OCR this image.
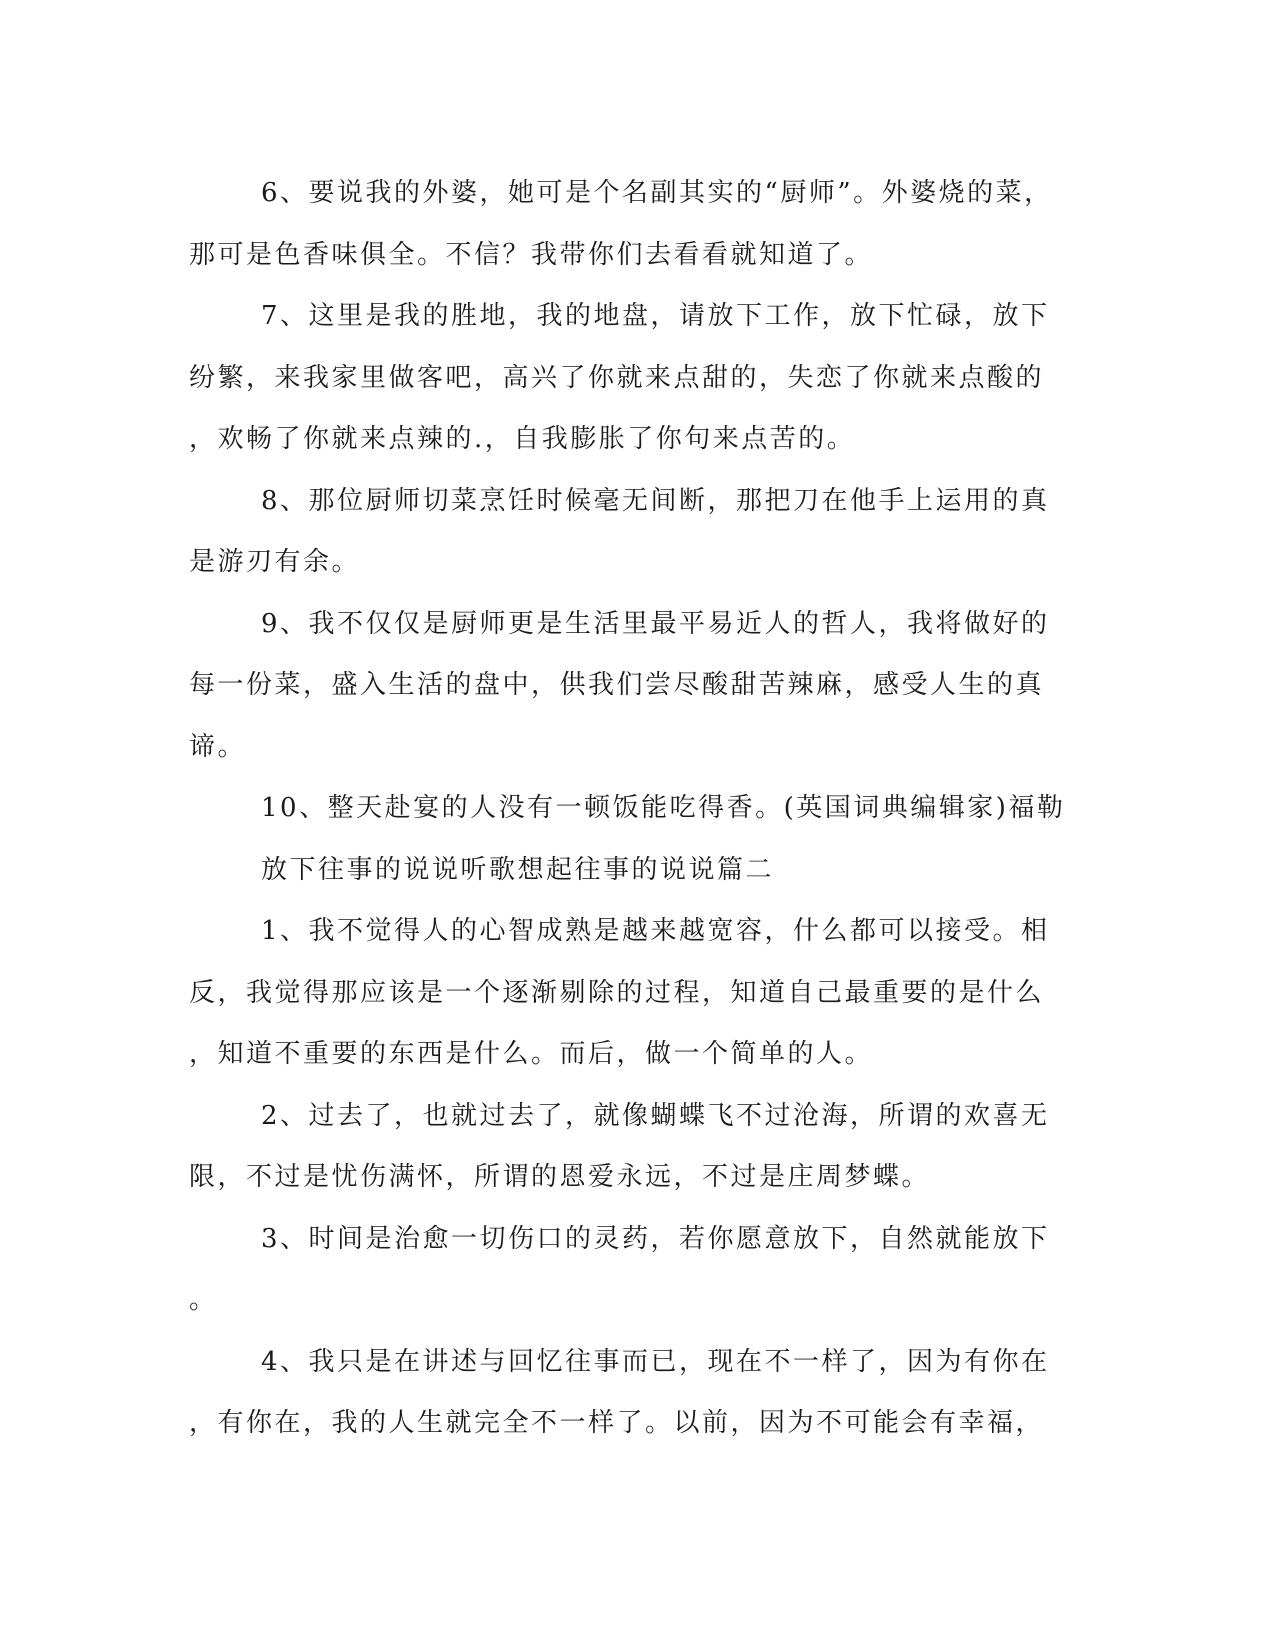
6、要说我的外婆，她可是个名副其实的“厨师”。外婆烧的菜，
那可是色香味俱全。不信？我带你们去看看就知道了。
7、这里是我的胜地，我的地盘，请放下工作，放下忙碌，放下
纷繁，来我家里做客吧，高兴了你就来点甜的，失恋了你就来点酸的
，欢畅了你就来点辣的.，自我膨胀了你句来点苦的。
8、那位厨师切菜烹饪时候毫无间断，那把刀在他手上运用的真
是游刃有余。
9、我不仅仅是厨师更是生活里最平易近人的哲人，我将做好的
每一份菜，盛入生活的盘中，供我们尝尽酸甜苦辣麻，感受人生的真
谛。
10、整天赴宴的人没有一顿饭能吃得香。(英国词典编辑家)福勒
放下往事的说说听歌想起往事的说说篇二
1、我不觉得人的心智成熟是越来越宽容，什么都可以接受。相
反，我觉得那应该是一个逐渐剔除的过程，知道自己最重要的是什么
，知道不重要的东西是什么。而后，做一个简单的人。
2、过去了，也就过去了，就像蝴蝶飞不过沧海，所谓的欢喜无
限，不过是忧伤满怀，所谓的恩爱永远，不过是庄周梦蝶。
3、时间是治愈一切伤口的灵药，若你愿意放下，自然就能放下
。
4、我只是在讲述与回忆往事而已，现在不一样了，因为有你在
，有你在，我的人生就完全不一样了。以前，因为不可能会有幸福，
